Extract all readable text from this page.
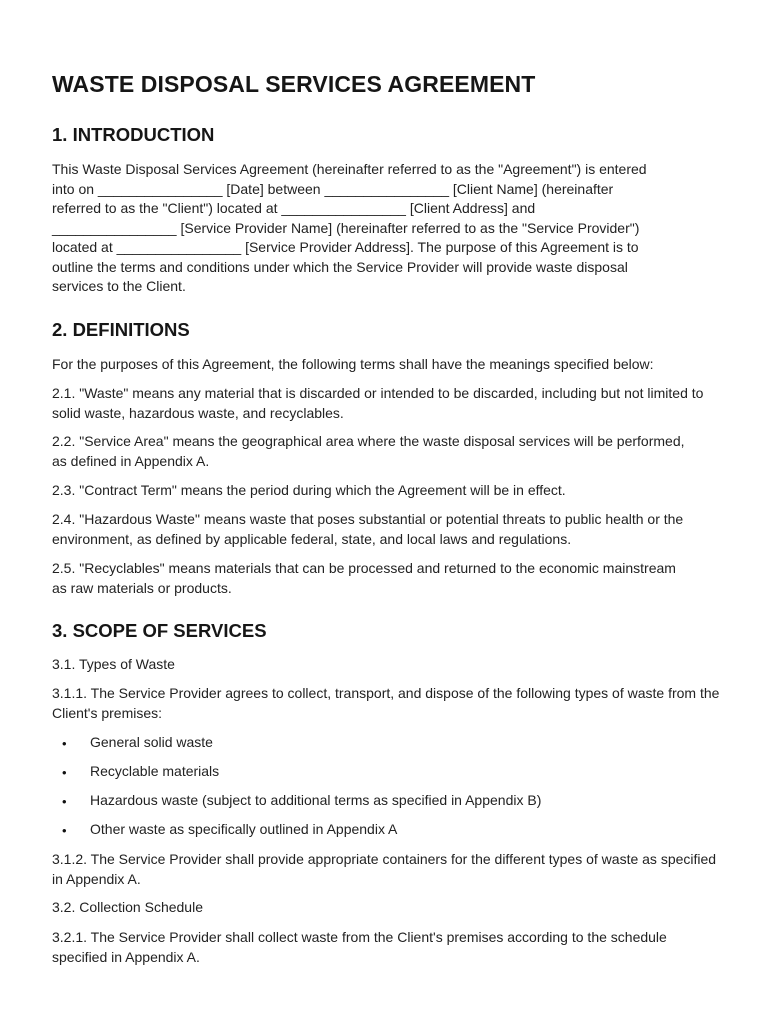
WASTE DISPOSAL SERVICES AGREEMENT
1. INTRODUCTION
This Waste Disposal Services Agreement (hereinafter referred to as the "Agreement") is entered
into on ________________ [Date] between ________________ [Client Name] (hereinafter
referred to as the "Client") located at ________________ [Client Address] and
________________ [Service Provider Name] (hereinafter referred to as the "Service Provider")
located at ________________ [Service Provider Address]. The purpose of this Agreement is to
outline the terms and conditions under which the Service Provider will provide waste disposal
services to the Client.
2. DEFINITIONS

For the purposes of this Agreement, the following terms shall have the meanings specified below:

2.1. "Waste" means any material that is discarded or intended to be discarded, including but not limited to solid waste, hazardous waste, and recyclables.

2.2. "Service Area" means the geographical area where the waste disposal services will be performed, as defined in Appendix A.

2.3. "Contract Term" means the period during which the Agreement will be in effect.

2.4. "Hazardous Waste" means waste that poses substantial or potential threats to public health or the environment, as defined by applicable federal, state, and local laws and regulations.

2.5. "Recyclables" means materials that can be processed and returned to the economic mainstream as raw materials or products.

3. SCOPE OF SERVICES

3.1. Types of Waste

3.1.1. The Service Provider agrees to collect, transport, and dispose of the following types of waste from the Client's premises:

• General solid waste
• Recyclable materials
• Hazardous waste (subject to additional terms as specified in Appendix B)
• Other waste as specifically outlined in Appendix A

3.1.2. The Service Provider shall provide appropriate containers for the different types of waste as specified in Appendix A.

3.2. Collection Schedule

3.2.1. The Service Provider shall collect waste from the Client's premises according to the schedule specified in Appendix A.
